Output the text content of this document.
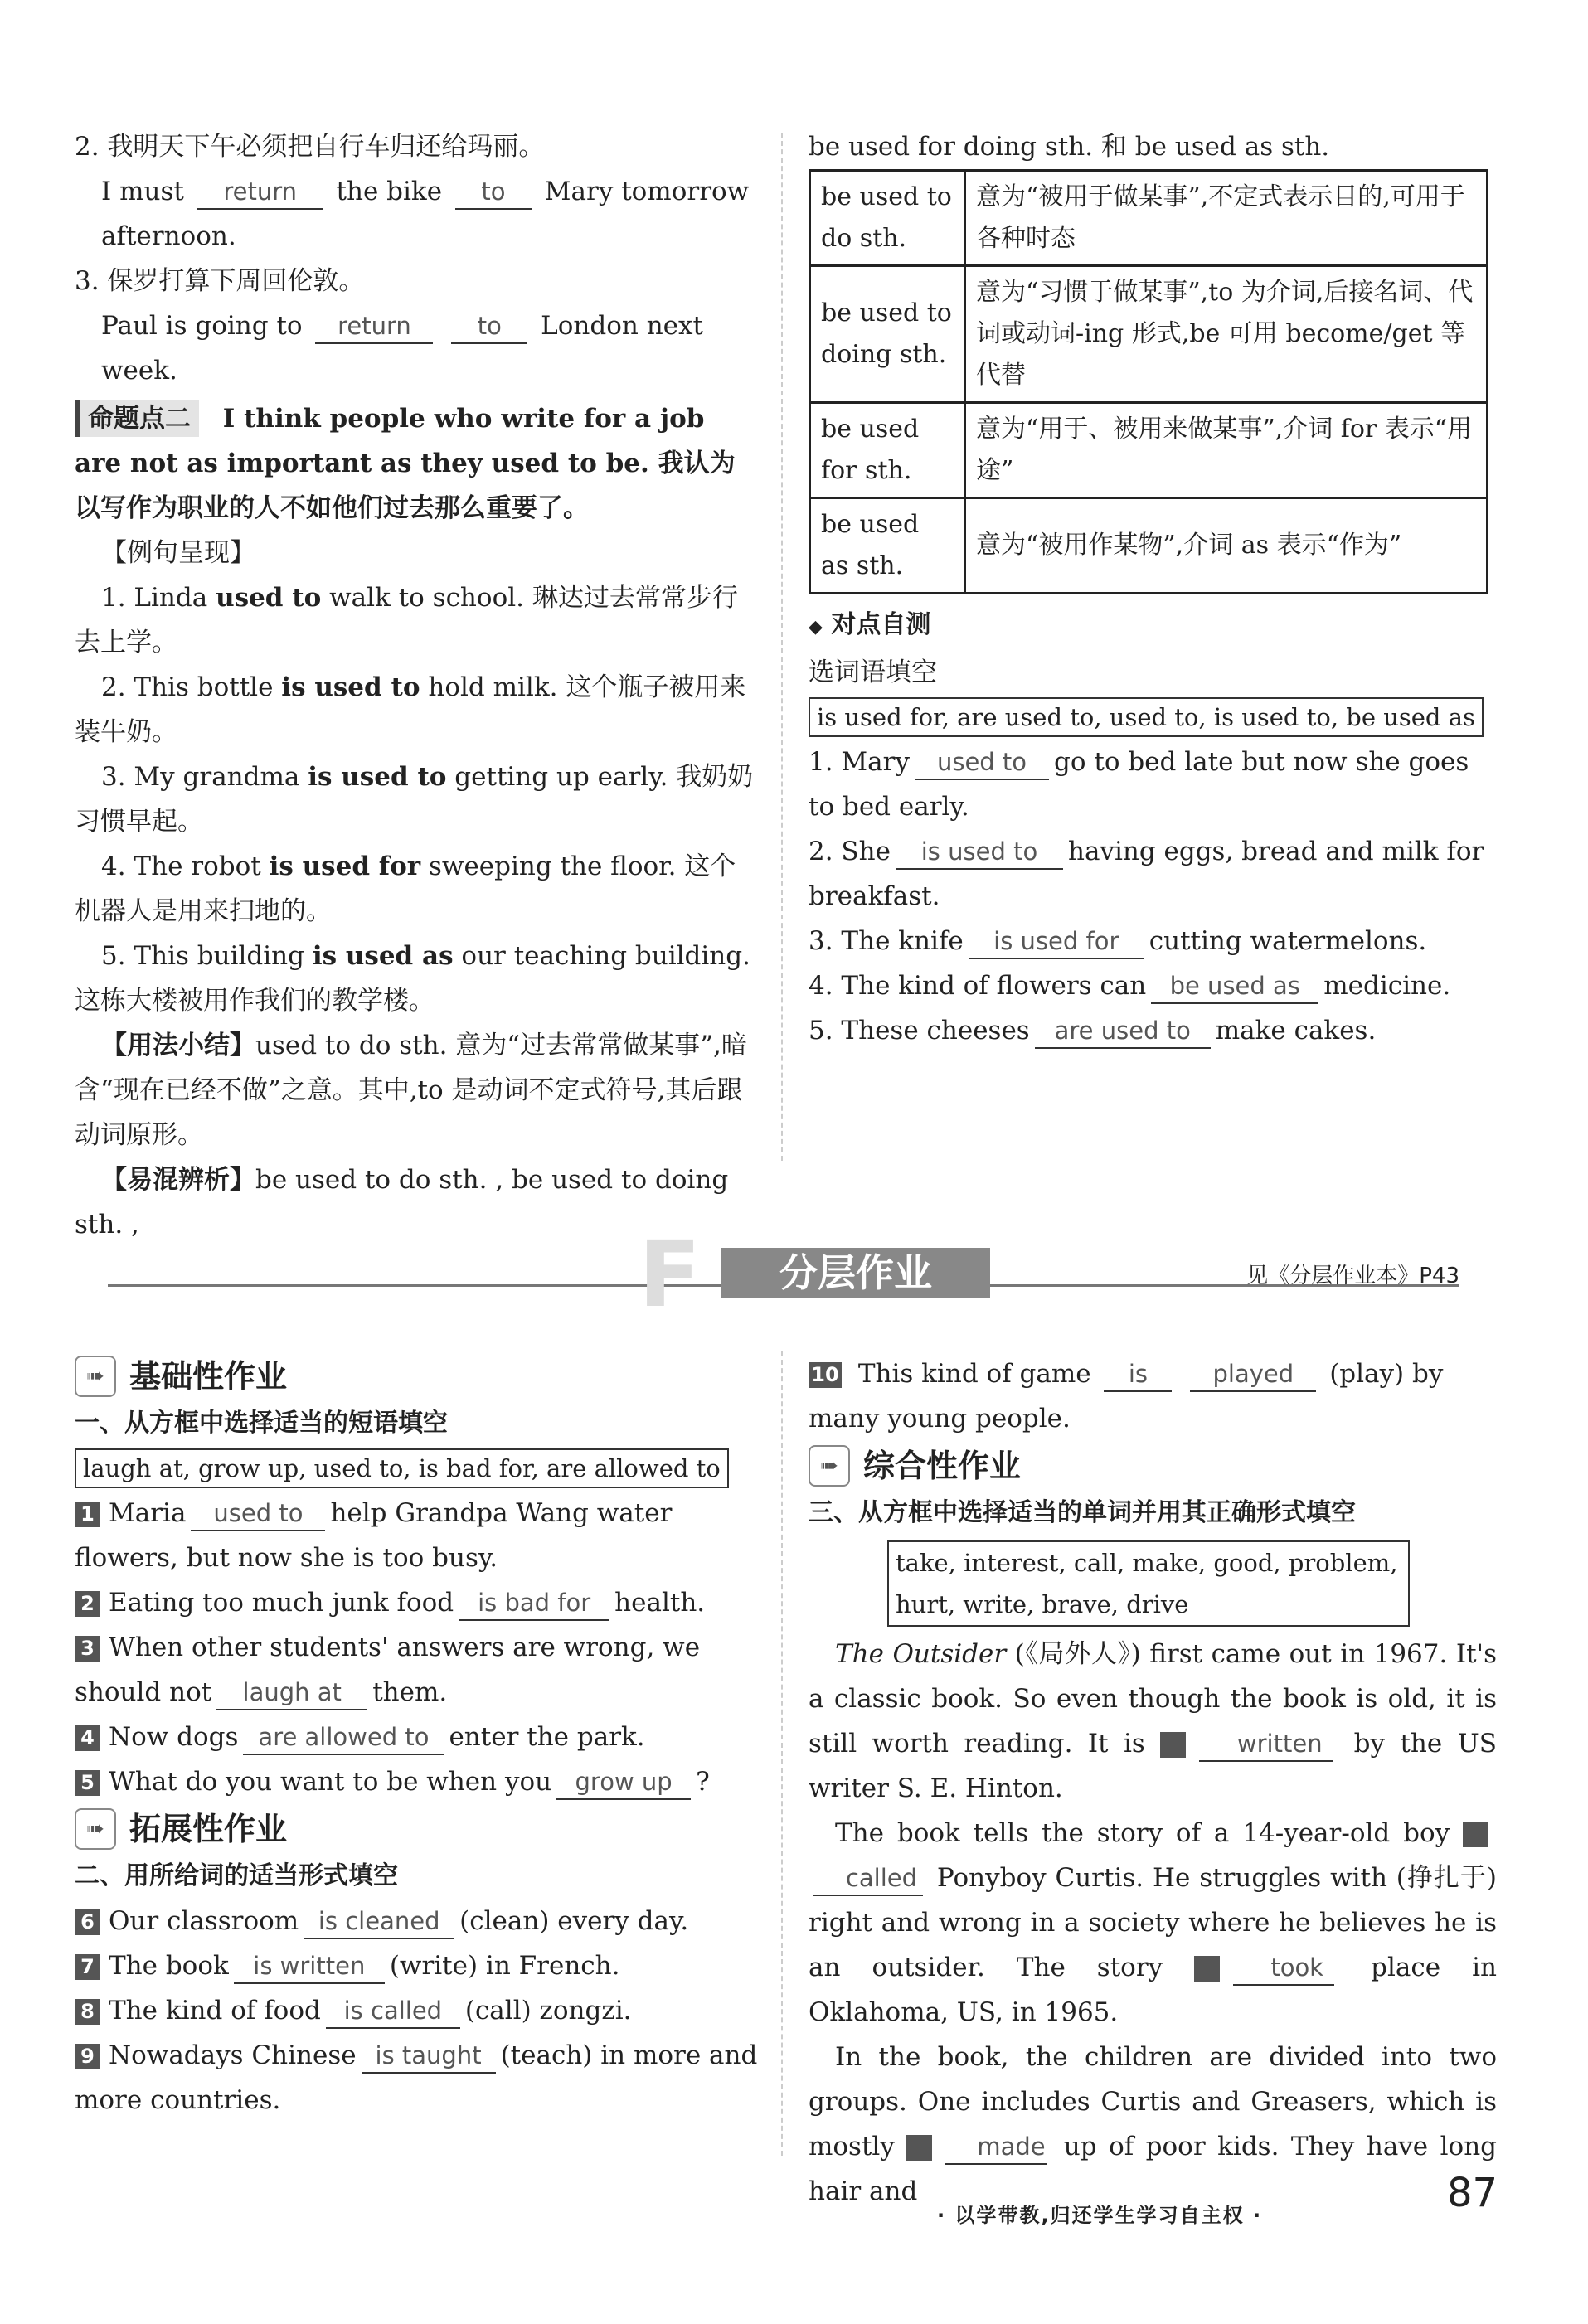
2. 我明天下午必须把自行车归还给玛丽。

I must return the bike to Mary tomorrow

afternoon.

3. 保罗打算下周回伦敦。

Paul is going to return	to London next week.

命题点二 I think people who write for a job are not as important as they used to be. 我认为以写作为职业的人不如他们过去那么重要了。

【例句呈现】

1. Linda used to walk to school. 琳达过去常常步行去上学。

2. This bottle is used to hold milk. 这个瓶子被用来装牛奶。

3. My grandma is used to getting up early. 我奶奶习惯早起。

4. The robot is used for sweeping the floor. 这个机器人是用来扫地的。

5. This building is used as our teaching building. 这栋大楼被用作我们的教学楼。

【用法小结】used to do sth. 意为“过去常常做某事”,暗含“现在已经不做”之意。其中,to 是动词不定式符号,其后跟动词原形。

【易混辨析】be used to do sth. , be used to doing sth. ,

be used for doing sth. 和 be used as sth.

be used to do sth.	意为“被用于做某事”,不定式表示目的,可用于各种时态
be used to doing sth.	意为“习惯于做某事”,to 为介词,后接名词、代词或动词-ing 形式,be 可用 become/get 等代替
be used for sth.	意为“用于、被用来做某事”,介词 for 表示“用途”
be used as sth.	意为“被用作某物”,介词 as 表示“作为”

◆ 对点自测

选词语填空

is used for, are used to, used to, is used to, be used as

1. Mary used to go to bed late but now she goes to bed early.

2. She is used to having eggs, bread and milk for breakfast.

3. The knife is used for cutting watermelons.

4. The kind of flowers can be used as medicine.

5. These cheeses are used to make cakes.

F	分层作业	见《分层作业本》P43
➠ 基础性作业

一、从方框中选择适当的短语填空

laugh at, grow up, used to, is bad for, are allowed to

1 Maria used to help Grandpa Wang water flowers, but now she is too busy.

2 Eating too much junk food is bad for health.

3 When other students' answers are wrong, we should not laugh at them.

4 Now dogs are allowed to enter the park.

5 What do you want to be when you grow up ?

➠ 拓展性作业

二、用所给词的适当形式填空

6 Our classroom is cleaned (clean) every day.

7 The book is written (write) in French.

8 The kind of food is called (call) zongzi.

9 Nowadays Chinese is taught (teach) in more and more countries.

10 This kind of game is	played (play) by many young people.

➠ 综合性作业

三、从方框中选择适当的单词并用其正确形式填空

take, interest, call, make, good, problem,
hurt, write, brave, drive

The Outsider (《局外人》) first came out in 1967. It's a classic book. So even though the book is old, it is still worth reading. It is 11 written by the US writer S. E. Hinton.

The book tells the story of a 14-year-old boy 12called Ponyboy Curtis. He struggles with (挣扎于) right and wrong in a society where he believes he is an outsider. The story	13 took place in Oklahoma, US, in 1965.

In the book, the children are divided into two groups. One includes Curtis and Greasers, which is mostly 14 made up of poor kids. They have long hair and

· 以学带教,归还学生学习自主权 ·	87
